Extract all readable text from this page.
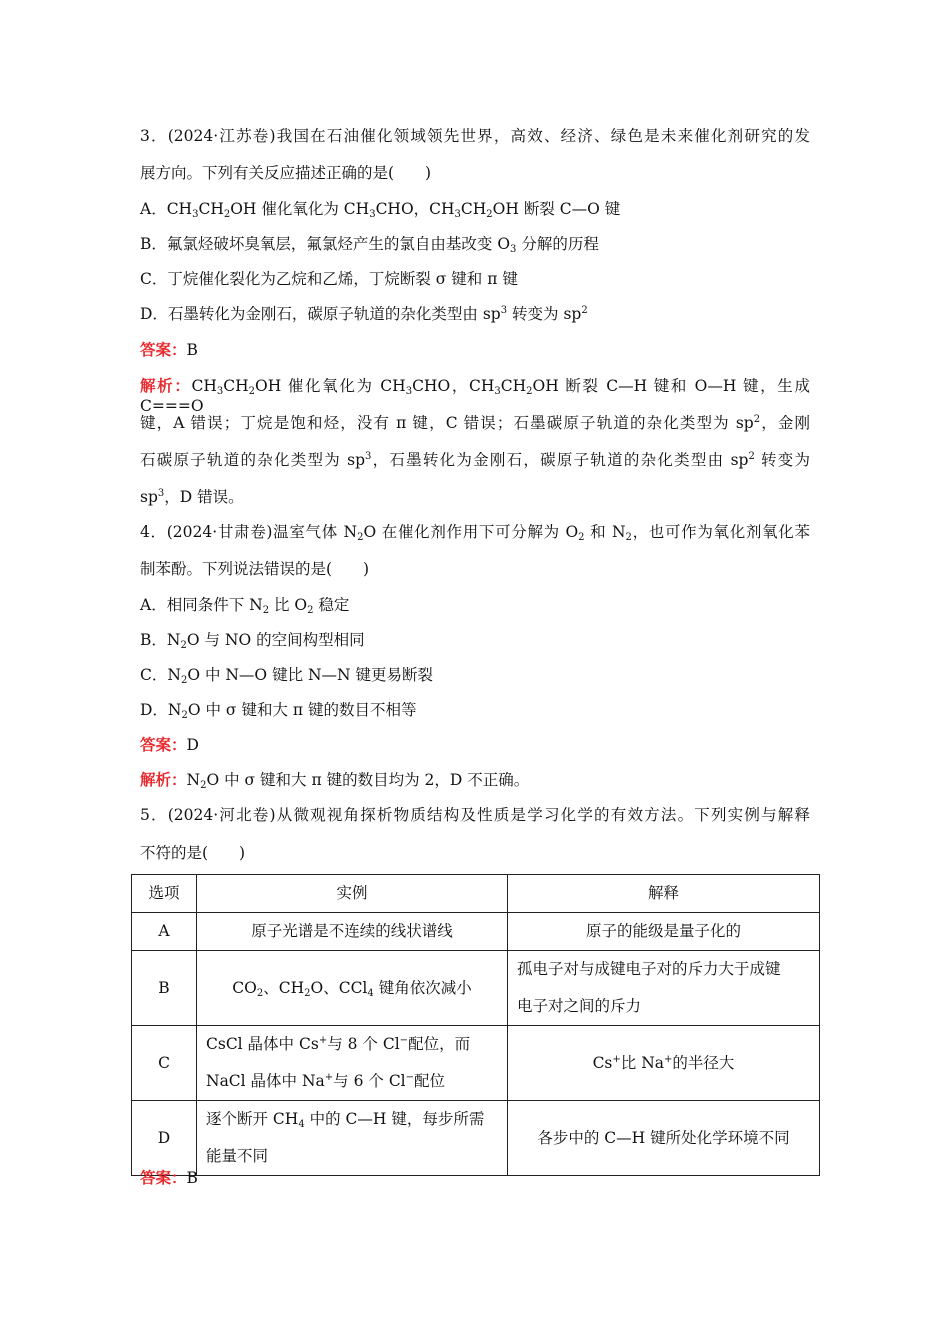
3．(2024·江苏卷)我国在石油催化领域领先世界，高效、经济、绿色是未来催化剂研究的发
展方向。下列有关反应描述正确的是(　　)
A．$CH_3CH_2OH$ 催化氧化为 $CH_3CHO$，$CH_3CH_2OH$ 断裂 C—O 键
B．氟氯烃破坏臭氧层，氟氯烃产生的氯自由基改变 $O_3$ 分解的历程
C．丁烷催化裂化为乙烷和乙烯，丁烷断裂 σ 键和 π 键
D．石墨转化为金刚石，碳原子轨道的杂化类型由 $sp^3$ 转变为 $sp^2$
答案：B
解析：$CH_3CH_2OH$ 催化氧化为 $CH_3CHO$，$CH_3CH_2OH$ 断裂 C—H 键和 O—H 键，生成 C===O
键，A 错误；丁烷是饱和烃，没有 π 键，C 错误；石墨碳原子轨道的杂化类型为 $sp^2$，金刚
石碳原子轨道的杂化类型为 $sp^3$，石墨转化为金刚石，碳原子轨道的杂化类型由 $sp^2$ 转变为
$sp^3$，D 错误。
4．(2024·甘肃卷)温室气体 $N_2O$ 在催化剂作用下可分解为 $O_2$ 和 $N_2$，也可作为氧化剂氧化苯
制苯酚。下列说法错误的是(　　)
A．相同条件下 $N_2$ 比 $O_2$ 稳定
B．$N_2O$ 与 NO 的空间构型相同
C．$N_2O$ 中 N—O 键比 N—N 键更易断裂
D．$N_2O$ 中 σ 键和大 π 键的数目不相等
答案：D
解析：$N_2O$ 中 σ 键和大 π 键的数目均为 2，D 不正确。
5．(2024·河北卷)从微观视角探析物质结构及性质是学习化学的有效方法。下列实例与解释
不符的是(　　)
选项	实例	解释
A	原子光谱是不连续的线状谱线	原子的能级是量子化的
B	$CO_2$、$CH_2O$、CCl$_4$ 键角依次减小	孤电子对与成键电子对的斥力大于成键
电子对之间的斥力

C	CsCl 晶体中 Cs+与 8 个 Cl−配位，而
NaCl 晶体中 Na+与 6 个 Cl−配位	Cs+比 Na+的半径大
D	逐个断开 $CH_4$ 中的 C—H 键，每步所需
能量不同	各步中的 C—H 键所处化学环境不同
答案：B
